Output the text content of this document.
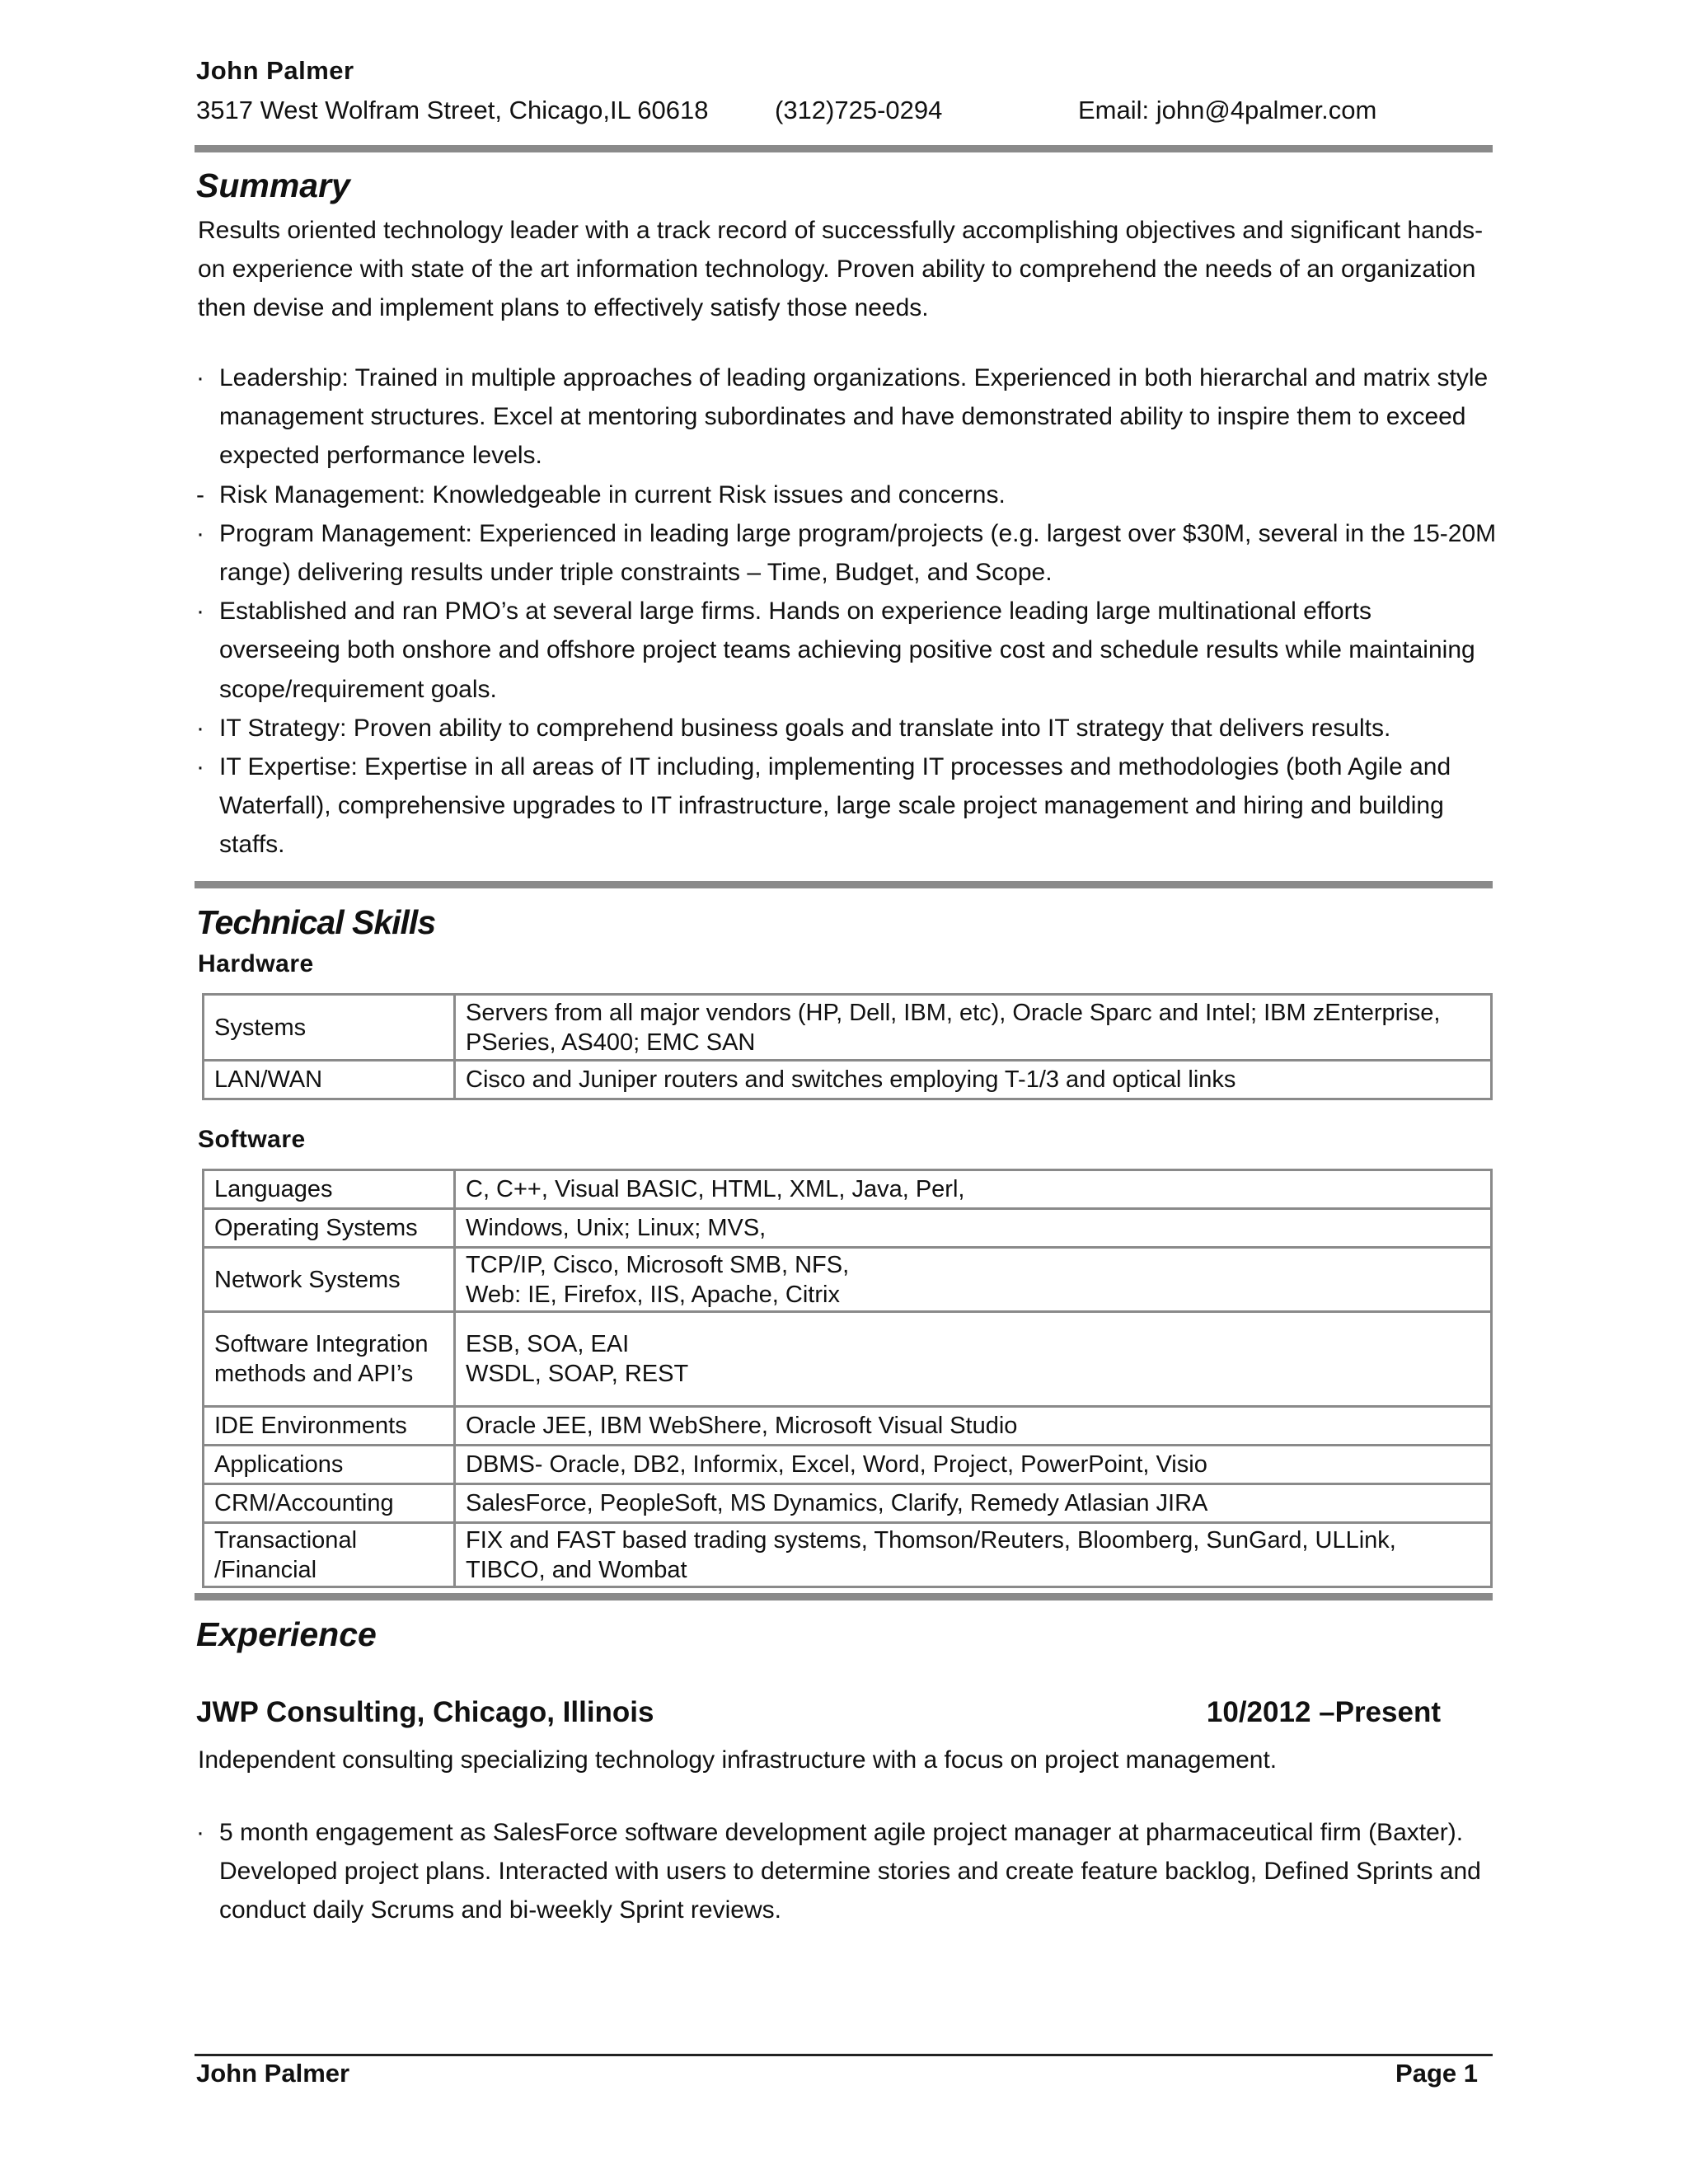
John Palmer
3517 West Wolfram Street, Chicago,IL 60618	(312)725-0294	Email: john@4palmer.com
Summary
Results oriented technology leader with a track record of successfully accomplishing objectives and significant hands-on experience with state of the art information technology. Proven ability to comprehend the needs of an organization then devise and implement plans to effectively satisfy those needs.
· Leadership: Trained in multiple approaches of leading organizations. Experienced in both hierarchal and matrix style management structures. Excel at mentoring subordinates and have demonstrated ability to inspire them to exceed expected performance levels.
- Risk Management: Knowledgeable in current Risk issues and concerns.
· Program Management: Experienced in leading large program/projects (e.g. largest over $30M, several in the 15-20M range) delivering results under triple constraints – Time, Budget, and Scope.
· Established and ran PMO’s at several large firms. Hands on experience leading large multinational efforts overseeing both onshore and offshore project teams achieving positive cost and schedule results while maintaining scope/requirement goals.
· IT Strategy: Proven ability to comprehend business goals and translate into IT strategy that delivers results.
· IT Expertise: Expertise in all areas of IT including, implementing IT processes and methodologies (both Agile and Waterfall), comprehensive upgrades to IT infrastructure, large scale project management and hiring and building staffs.
Technical Skills
Hardware
Systems	Servers from all major vendors (HP, Dell, IBM, etc), Oracle Sparc and Intel; IBM zEnterprise, PSeries, AS400; EMC SAN
LAN/WAN	Cisco and Juniper routers and switches employing T-1/3 and optical links
Software
Languages	C, C++, Visual BASIC, HTML, XML, Java, Perl,
Operating Systems	Windows, Unix; Linux; MVS,
Network Systems	TCP/IP, Cisco, Microsoft SMB, NFS,
Web: IE, Firefox, IIS, Apache, Citrix
Software Integration methods and API’s	ESB, SOA, EAI
WSDL, SOAP, REST
IDE Environments	Oracle JEE, IBM WebShere, Microsoft Visual Studio
Applications	DBMS- Oracle, DB2, Informix, Excel, Word, Project, PowerPoint, Visio
CRM/Accounting	SalesForce, PeopleSoft, MS Dynamics, Clarify, Remedy Atlasian JIRA
Transactional /Financial	FIX and FAST based trading systems, Thomson/Reuters, Bloomberg, SunGard, ULLink, TIBCO, and Wombat
Experience
JWP Consulting, Chicago, Illinois	10/2012 –Present
Independent consulting specializing technology infrastructure with a focus on project management.
· 5 month engagement as SalesForce software development agile project manager at pharmaceutical firm (Baxter). Developed project plans. Interacted with users to determine stories and create feature backlog, Defined Sprints and conduct daily Scrums and bi-weekly Sprint reviews.
John Palmer	Page 1
